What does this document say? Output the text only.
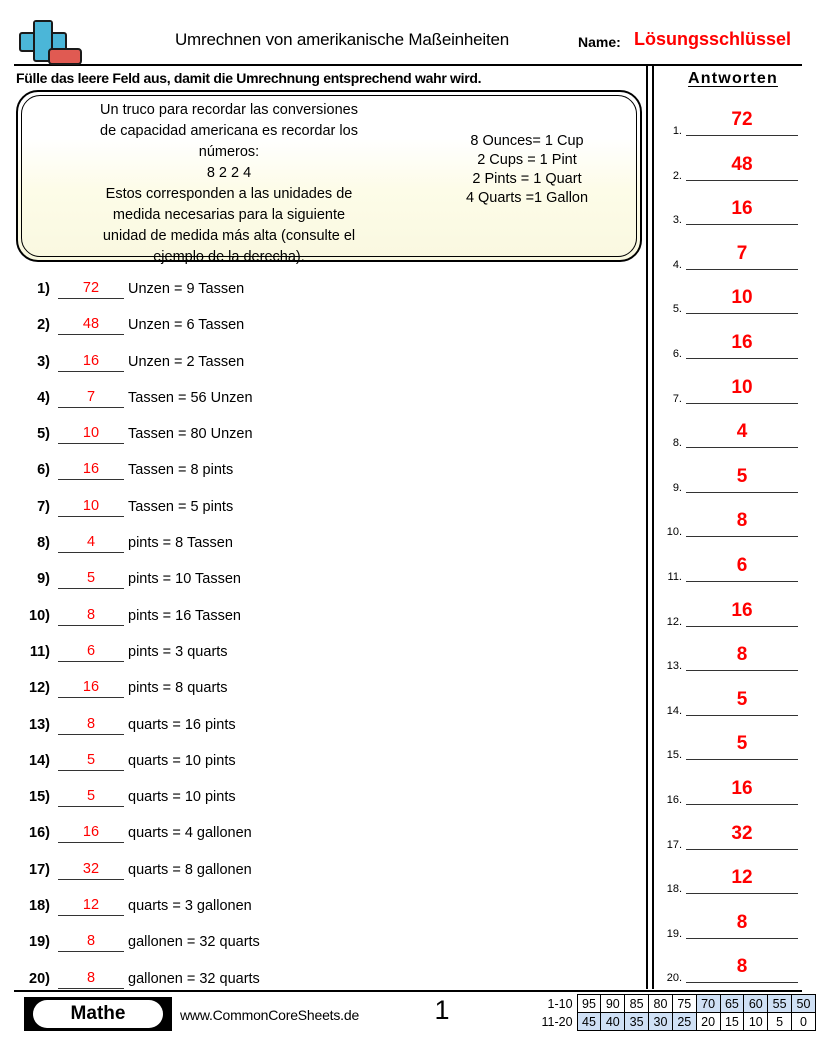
Umrechnen von amerikanische Maßeinheiten	Name: Lösungsschlüssel
Fülle das leere Feld aus, damit die Umrechnung entsprechend wahr wird.
Un truco para recordar las conversiones
de capacidad americana es recordar los
números:
8 2 2 4
Estos corresponden a las unidades de
medida necesarias para la siguiente
unidad de medida más alta (consulte el
ejemplo de la derecha).
8 Ounces= 1 Cup
2 Cups = 1 Pint
2 Pints = 1 Quart
4 Quarts =1 Gallon
1)	72	Unzen = 9 Tassen
2)	48	Unzen = 6 Tassen
3)	16	Unzen = 2 Tassen
4)	7	Tassen = 56 Unzen
5)	10	Tassen = 80 Unzen
6)	16	Tassen = 8 pints
7)	10	Tassen = 5 pints
8)	4	pints = 8 Tassen
9)	5	pints = 10 Tassen
10)	8	pints = 16 Tassen
11)	6	pints = 3 quarts
12)	16	pints = 8 quarts
13)	8	quarts = 16 pints
14)	5	quarts = 10 pints
15)	5	quarts = 10 pints
16)	16	quarts = 4 gallonen
17)	32	quarts = 8 gallonen
18)	12	quarts = 3 gallonen
19)	8	gallonen = 32 quarts
20)	8	gallonen = 32 quarts
Antworten
1.
72
2.
48
3.
16
4.
7
5.
10
6.
16
7.
10
8.
4
9.
5
10.
8
11.
6
12.
16
13.
8
14.
5
15.
5
16.
16
17.
32
18.
12
19.
8
20.
8
Mathe	www.CommonCoreSheets.de	1	1-10	95	90	85	80	75	70	65	60	55	50
11-20	45	40	35	30	25	20	15	10	5	0
